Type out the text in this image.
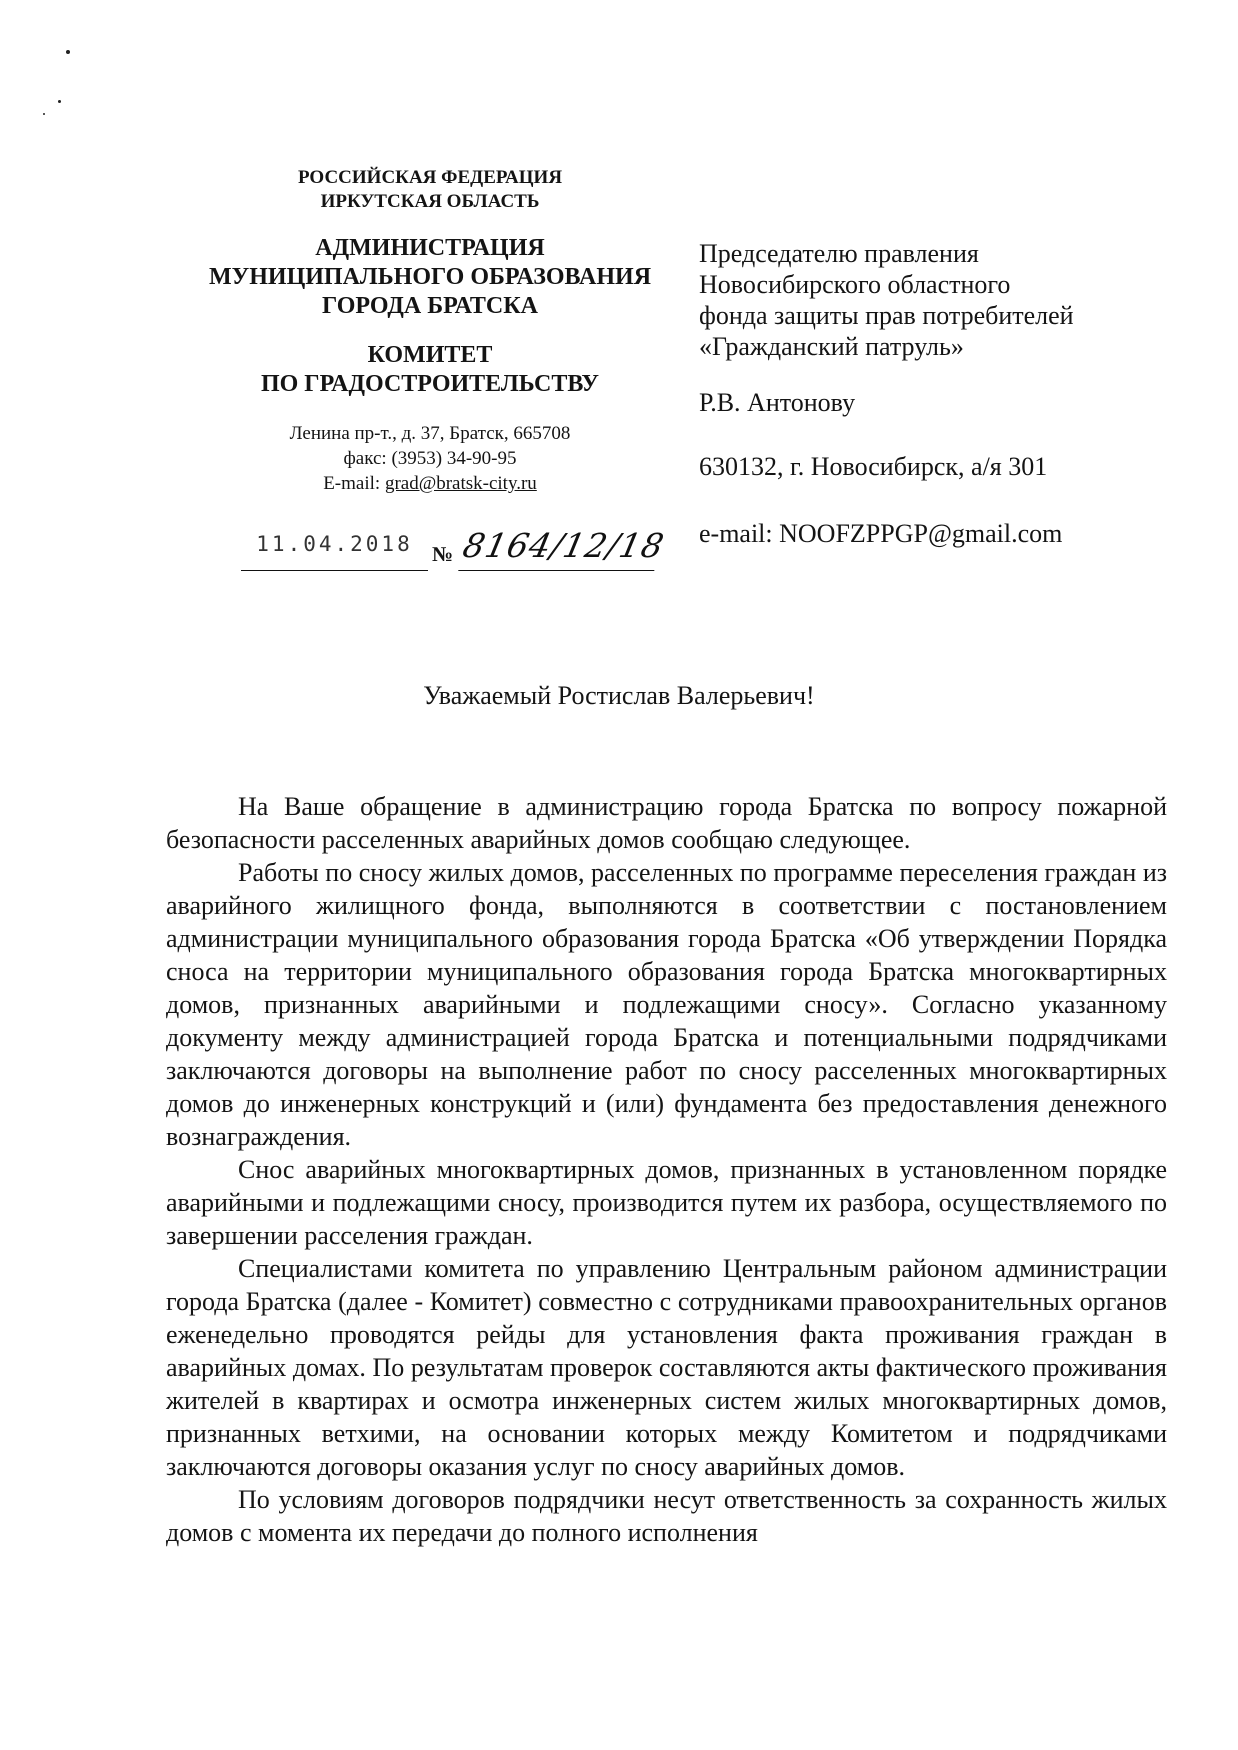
РОССИЙСКАЯ ФЕДЕРАЦИЯ
ИРКУТСКАЯ ОБЛАСТЬ
АДМИНИСТРАЦИЯ
МУНИЦИПАЛЬНОГО ОБРАЗОВАНИЯ
ГОРОДА БРАТСКА
КОМИТЕТ
ПО ГРАДОСТРОИТЕЛЬСТВУ
Ленина пр-т., д. 37, Братск, 665708
факс: (3953) 34-90-95
E-mail: grad@bratsk-city.ru
11.04.2018 № 8164/12/18
Председателю правления
Новосибирского областного
фонда защиты прав потребителей
«Гражданский патруль»
Р.В. Антонову
630132, г. Новосибирск, а/я 301
e-mail: NOOFZPPGP@gmail.com
Уважаемый Ростислав Валерьевич!

На Ваше обращение в администрацию города Братска по вопросу пожарной безопасности расселенных аварийных домов сообщаю следующее.

Работы по сносу жилых домов, расселенных по программе переселения граждан из аварийного жилищного фонда, выполняются в соответствии с постановлением администрации муниципального образования города Братска «Об утверждении Порядка сноса на территории муниципального образования города Братска многоквартирных домов, признанных аварийными и подлежащими сносу». Согласно указанному документу между администрацией города Братска и потенциальными подрядчиками заключаются договоры на выполнение работ по сносу расселенных многоквартирных домов до инженерных конструкций и (или) фундамента без предоставления денежного вознаграждения.

Снос аварийных многоквартирных домов, признанных в установленном порядке аварийными и подлежащими сносу, производится путем их разбора, осуществляемого по завершении расселения граждан.

Специалистами комитета по управлению Центральным районом администрации города Братска (далее - Комитет) совместно с сотрудниками правоохранительных органов еженедельно проводятся рейды для установления факта проживания граждан в аварийных домах. По результатам проверок составляются акты фактического проживания жителей в квартирах и осмотра инженерных систем жилых многоквартирных домов, признанных ветхими, на основании которых между Комитетом и подрядчиками заключаются договоры оказания услуг по сносу аварийных домов.

По условиям договоров подрядчики несут ответственность за сохранность жилых домов с момента их передачи до полного исполнения
